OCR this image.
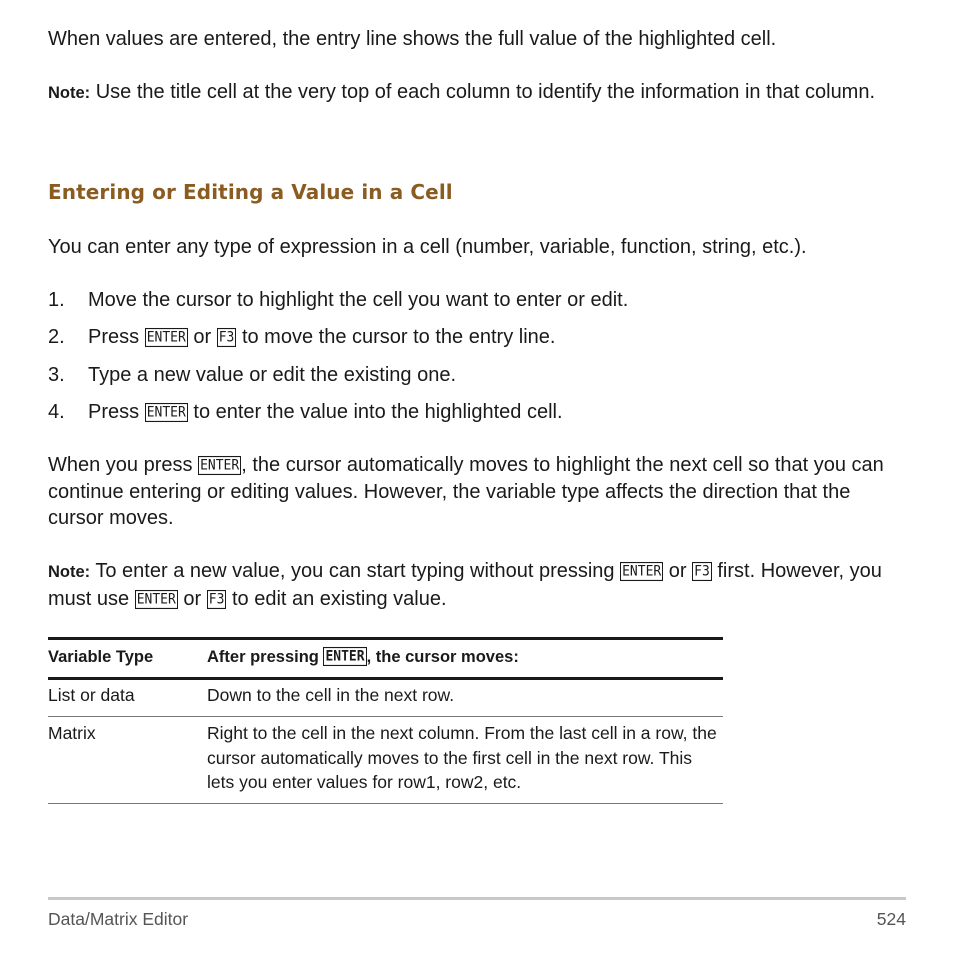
When values are entered, the entry line shows the full value of the highlighted cell.

Note: Use the title cell at the very top of each column to identify the information in that column.

Entering or Editing a Value in a Cell

You can enter any type of expression in a cell (number, variable, function, string, etc.).

1. Move the cursor to highlight the cell you want to enter or edit.
2. Press ENTER or F3 to move the cursor to the entry line.
3. Type a new value or edit the existing one.
4. Press ENTER to enter the value into the highlighted cell.

When you press ENTER , the cursor automatically moves to highlight the next cell so that you can continue entering or editing values. However, the variable type affects the direction that the cursor moves.

Note: To enter a new value, you can start typing without pressing ENTER or F3 first. However, you must use ENTER or F3 to edit an existing value.

Variable Type	After pressing ENTER , the cursor moves:
List or data	Down to the cell in the next row.
Matrix	Right to the cell in the next column. From the last cell in a row, the cursor automatically moves to the first cell in the next row. This lets you enter values for row1, row2, etc.
Data/Matrix Editor	524
